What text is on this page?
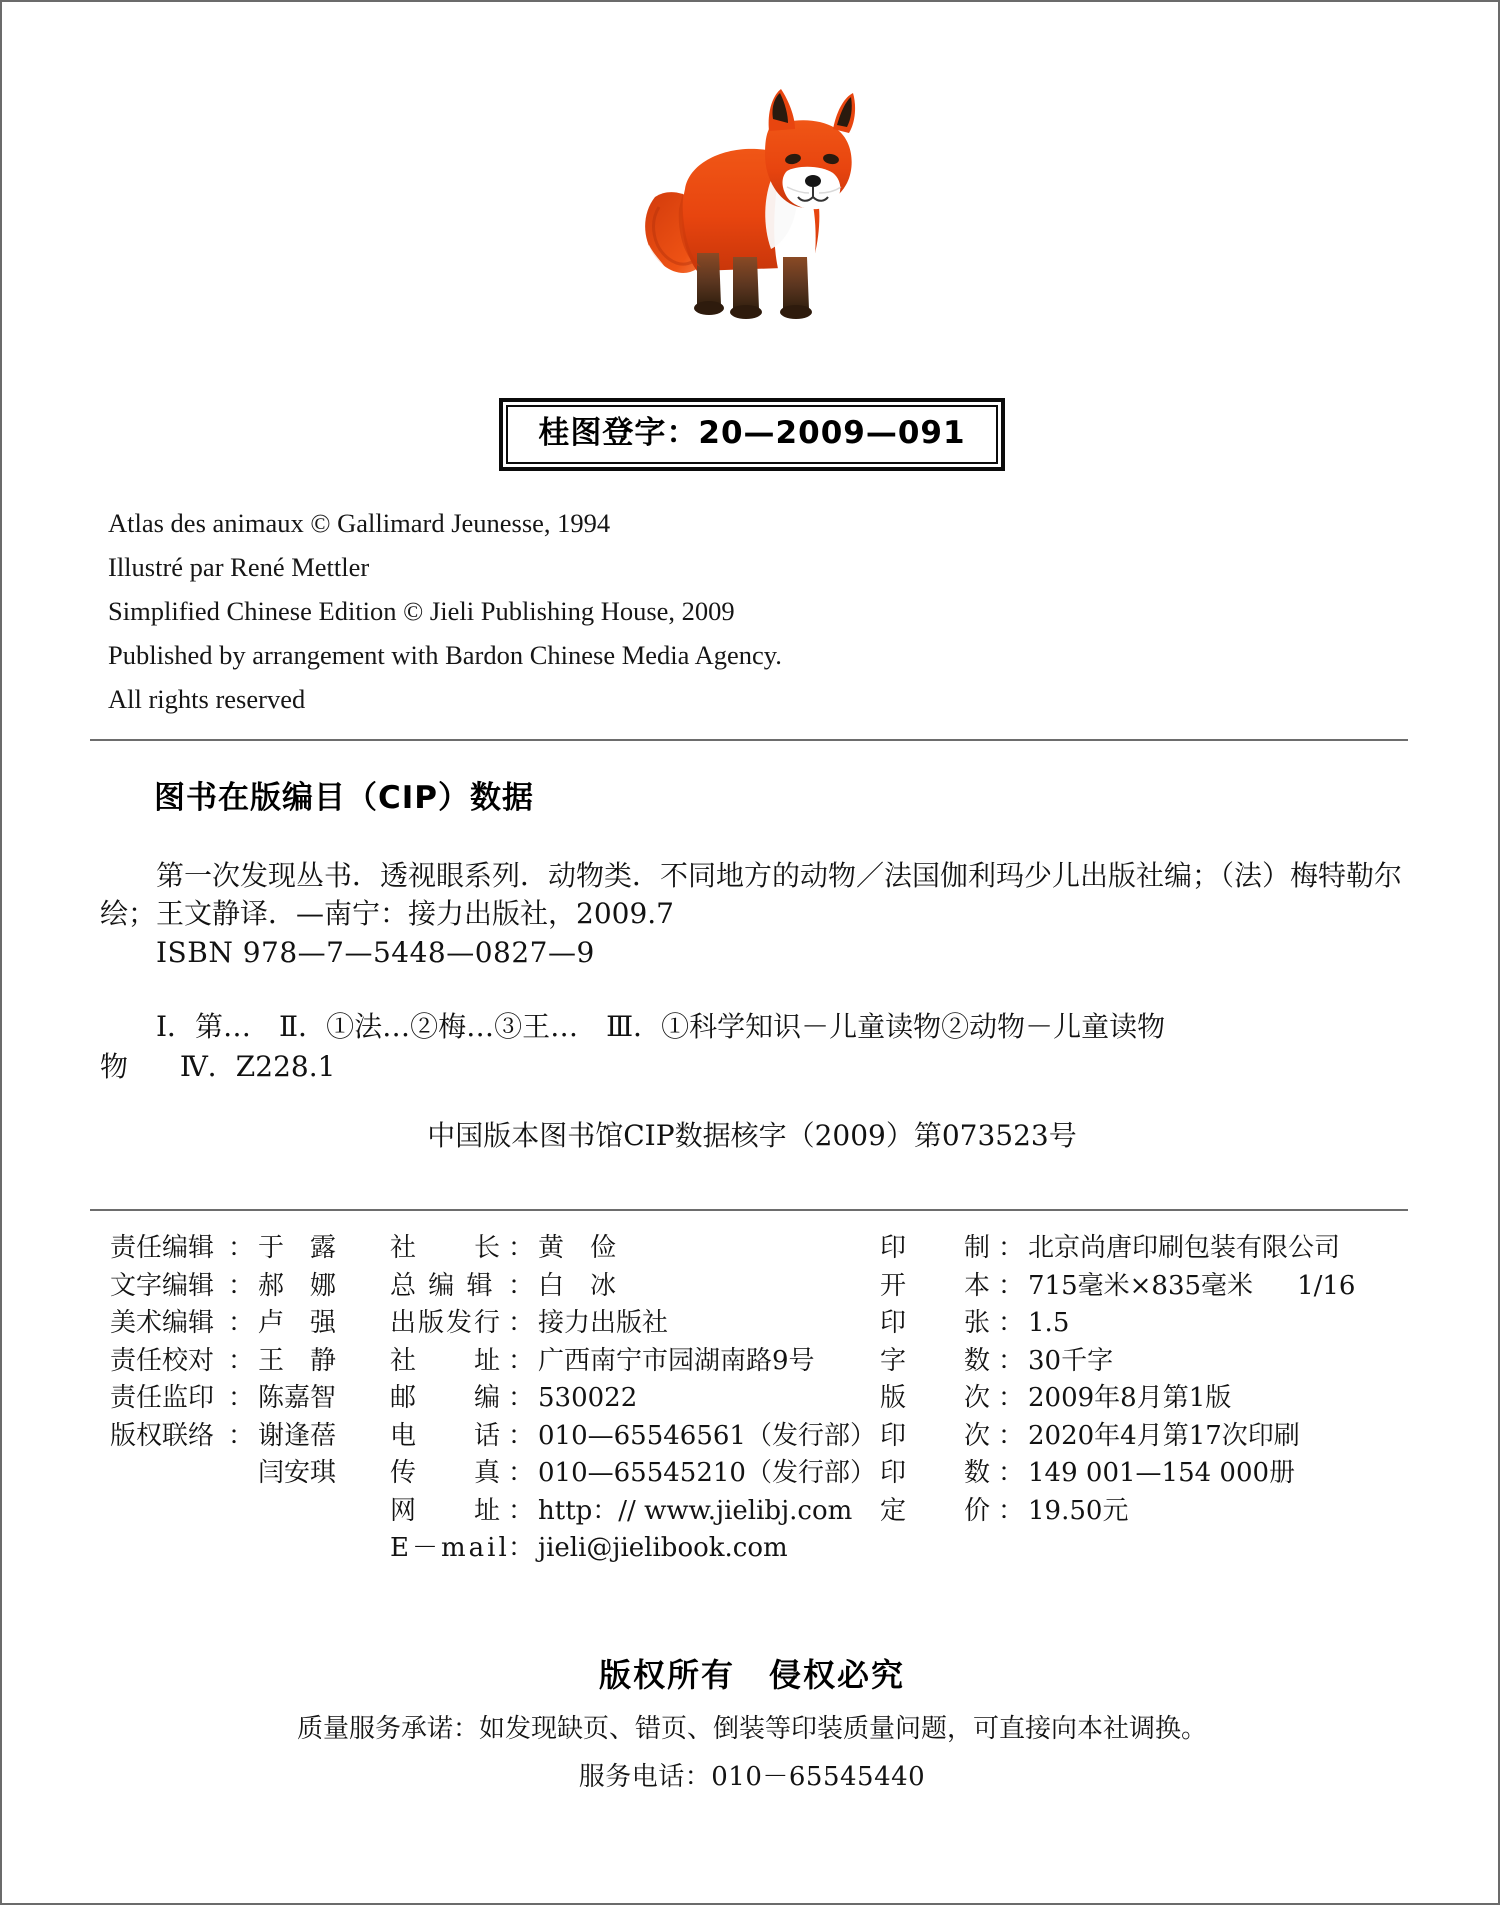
桂图登字：20—2009—091
Atlas des animaux © Gallimard Jeunesse, 1994
Illustré par René Mettler
Simplified Chinese Edition © Jieli Publishing House, 2009
Published by arrangement with Bardon Chinese Media Agency.
All rights reserved
图书在版编目（CIP）数据
第一次发现丛书．透视眼系列．动物类．不同地方的动物／法国伽利玛少儿出版社编；（法）梅特勒尔绘；王文静译．—南宁：接力出版社，2009.7
ISBN 978—7—5448—0827—9
Ⅰ．第…　Ⅱ．①法…②梅…③王…　Ⅲ．①科学知识－儿童读物②动物－儿童读物
物 Ⅳ．Z228.1
中国版本图书馆CIP数据核字（2009）第073523号
责任编辑 ： 于　露
文字编辑 ： 郝　娜
美术编辑 ： 卢　强
责任校对 ： 王　静
责任监印 ： 陈嘉智
版权联络 ： 谢逢蓓
闫安琪
社　　长 ： 黄　俭
总 编 辑 ： 白　冰
出版发行 ： 接力出版社
社　　址 ： 广西南宁市园湖南路9号
邮　　编 ： 530022
电　　话 ： 010—65546561（发行部）
传　　真 ： 010—65545210（发行部）
网　　址 ： http：∕∕ www.jielibj.com
E－mail
： jieli@jielibook.com
印　　制 ： 北京尚唐印刷包装有限公司
开　　本 ： 715毫米×835毫米	1/16
印　　张 ： 1.5
字　　数 ： 30千字
版　　次 ： 2009年8月第1版
印　　次 ： 2020年4月第17次印刷
印　　数 ： 149 001—154 000册
定　　价 ： 19.50元
版权所有　侵权必究
质量服务承诺：如发现缺页、错页、倒装等印装质量问题，可直接向本社调换。
服务电话：010－65545440
